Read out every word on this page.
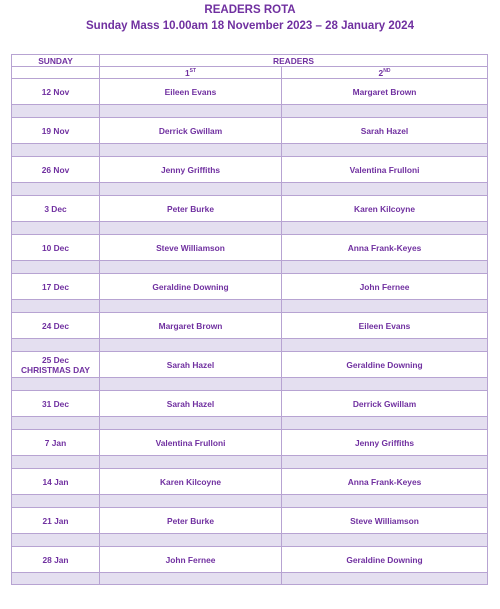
READERS ROTA
Sunday Mass 10.00am 18 November 2023 – 28 January 2024
SUNDAY	READERS	
	1ST	2ND
12 Nov	Eileen Evans	Margaret Brown

19 Nov	Derrick Gwillam	Sarah Hazel

26 Nov	Jenny Griffiths	Valentina Frulloni

3 Dec	Peter Burke	Karen Kilcoyne

10 Dec	Steve Williamson	Anna Frank-Keyes

17 Dec	Geraldine Downing	John Fernee

24 Dec	Margaret Brown	Eileen Evans

25 Dec
CHRISTMAS DAY	Sarah Hazel	Geraldine Downing

31 Dec	Sarah Hazel	Derrick Gwillam

7 Jan	Valentina Frulloni	Jenny Griffiths

14 Jan	Karen Kilcoyne	Anna Frank-Keyes

21 Jan	Peter Burke	Steve Williamson

28 Jan	John Fernee	Geraldine Downing
